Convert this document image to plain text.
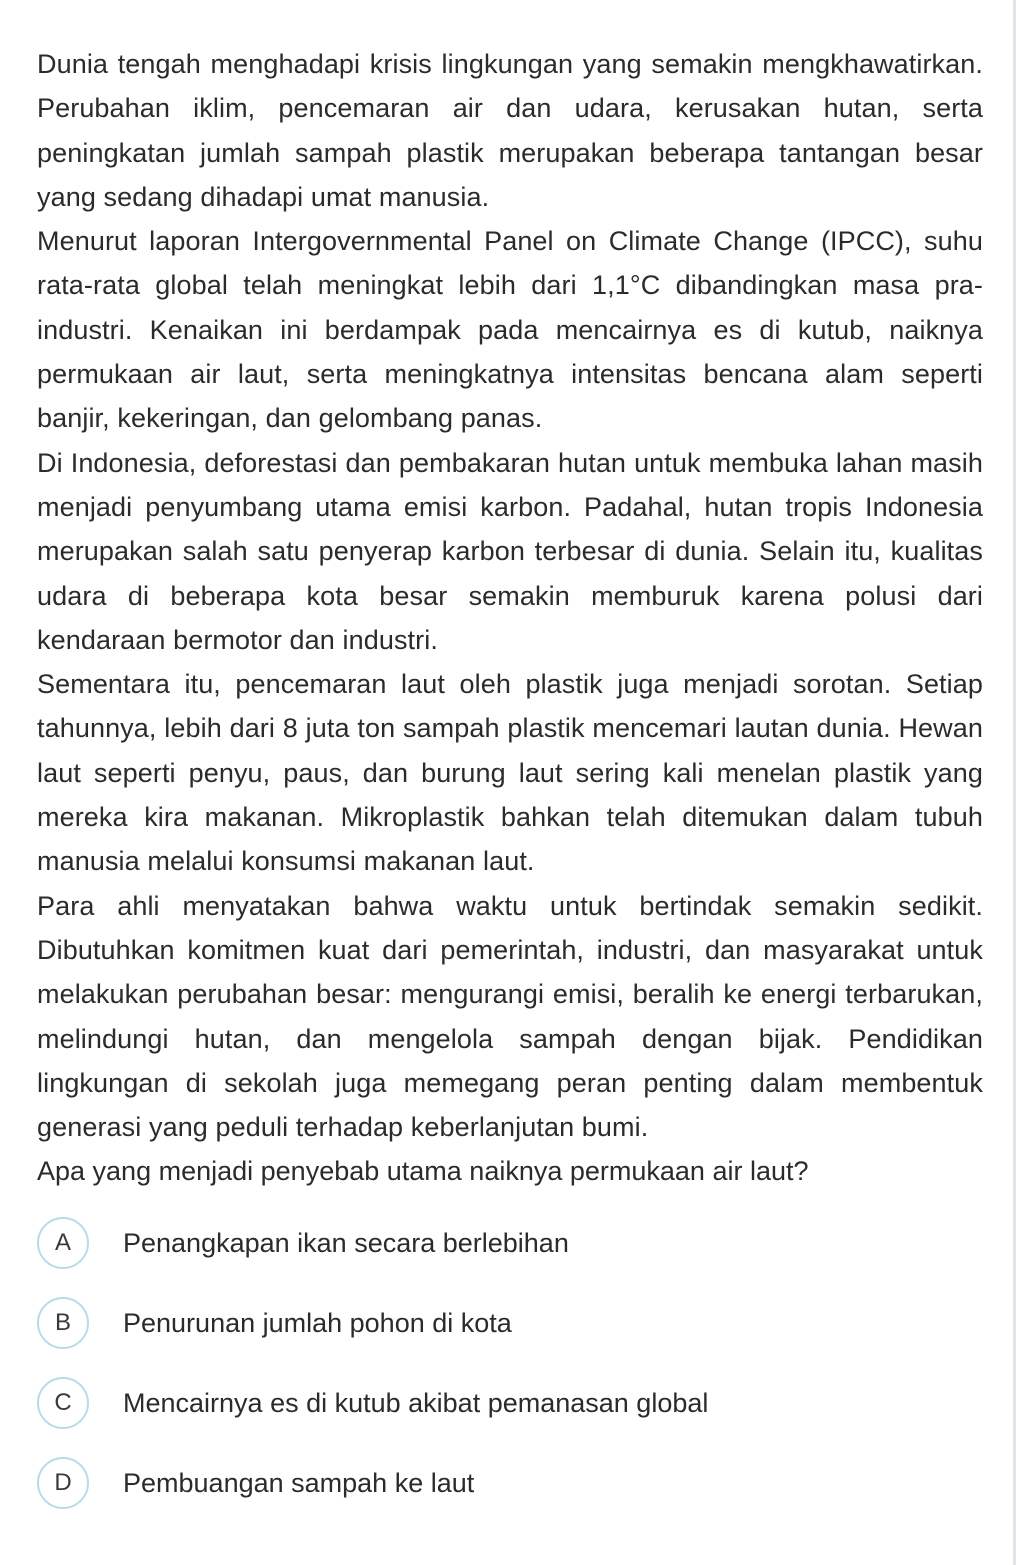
Dunia tengah menghadapi krisis lingkungan yang semakin mengkhawatirkan. Perubahan iklim, pencemaran air dan udara, kerusakan hutan, serta peningkatan jumlah sampah plastik merupakan beberapa tantangan besar yang sedang dihadapi umat manusia.

Menurut laporan Intergovernmental Panel on Climate Change (IPCC), suhu rata-rata global telah meningkat lebih dari 1,1°C dibandingkan masa pra-industri. Kenaikan ini berdampak pada mencairnya es di kutub, naiknya permukaan air laut, serta meningkatnya intensitas bencana alam seperti banjir, kekeringan, dan gelombang panas.

Di Indonesia, deforestasi dan pembakaran hutan untuk membuka lahan masih menjadi penyumbang utama emisi karbon. Padahal, hutan tropis Indonesia merupakan salah satu penyerap karbon terbesar di dunia. Selain itu, kualitas udara di beberapa kota besar semakin memburuk karena polusi dari kendaraan bermotor dan industri.

Sementara itu, pencemaran laut oleh plastik juga menjadi sorotan. Setiap tahunnya, lebih dari 8 juta ton sampah plastik mencemari lautan dunia. Hewan laut seperti penyu, paus, dan burung laut sering kali menelan plastik yang mereka kira makanan. Mikroplastik bahkan telah ditemukan dalam tubuh manusia melalui konsumsi makanan laut.

Para ahli menyatakan bahwa waktu untuk bertindak semakin sedikit. Dibutuhkan komitmen kuat dari pemerintah, industri, dan masyarakat untuk melakukan perubahan besar: mengurangi emisi, beralih ke energi terbarukan, melindungi hutan, dan mengelola sampah dengan bijak. Pendidikan lingkungan di sekolah juga memegang peran penting dalam membentuk generasi yang peduli terhadap keberlanjutan bumi.

Apa yang menjadi penyebab utama naiknya permukaan air laut?

A	Penangkapan ikan secara berlebihan
B	Penurunan jumlah pohon di kota
C	Mencairnya es di kutub akibat pemanasan global
D	Pembuangan sampah ke laut
